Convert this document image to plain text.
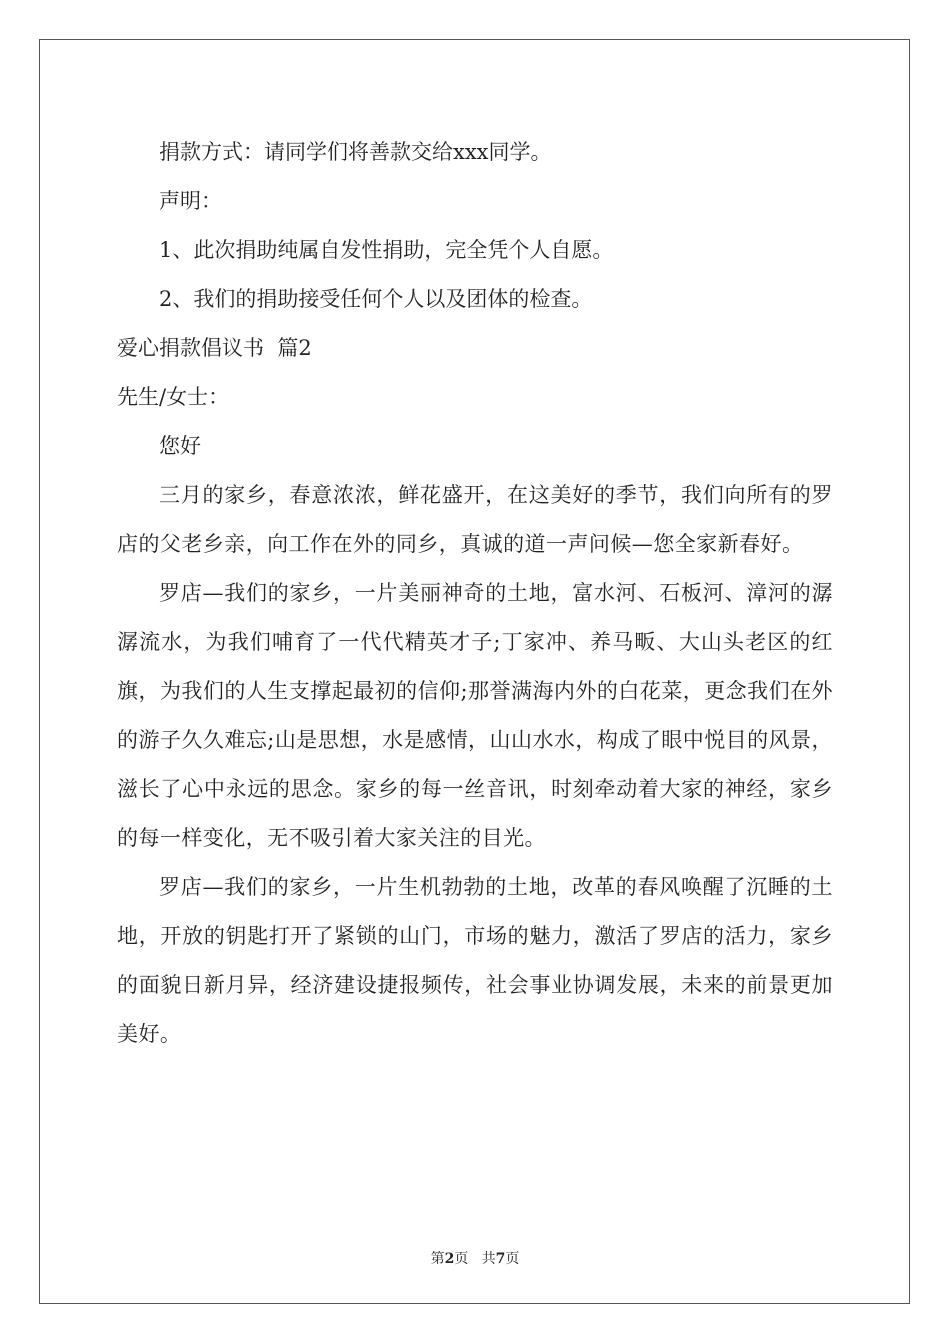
捐款方式：请同学们将善款交给xxx同学。

声明：

1、此次捐助纯属自发性捐助，完全凭个人自愿。

2、我们的捐助接受任何个人以及团体的检查。

爱心捐款倡议书  篇2

先生/女士：

您好

三月的家乡，春意浓浓，鲜花盛开，在这美好的季节，我们向所有的罗店的父老乡亲，向工作在外的同乡，真诚的道一声问候—您全家新春好。

罗店—我们的家乡，一片美丽神奇的土地，富水河、石板河、漳河的潺潺流水，为我们哺育了一代代精英才子;丁家冲、养马畈、大山头老区的红旗，为我们的人生支撑起最初的信仰;那誉满海内外的白花菜，更念我们在外的游子久久难忘;山是思想，水是感情，山山水水，构成了眼中悦目的风景，滋长了心中永远的思念。家乡的每一丝音讯，时刻牵动着大家的神经，家乡的每一样变化，无不吸引着大家关注的目光。

罗店—我们的家乡，一片生机勃勃的土地，改革的春风唤醒了沉睡的土地，开放的钥匙打开了紧锁的山门，市场的魅力，激活了罗店的活力，家乡的面貌日新月异，经济建设捷报频传，社会事业协调发展，未来的前景更加美好。

第2页   共7页
